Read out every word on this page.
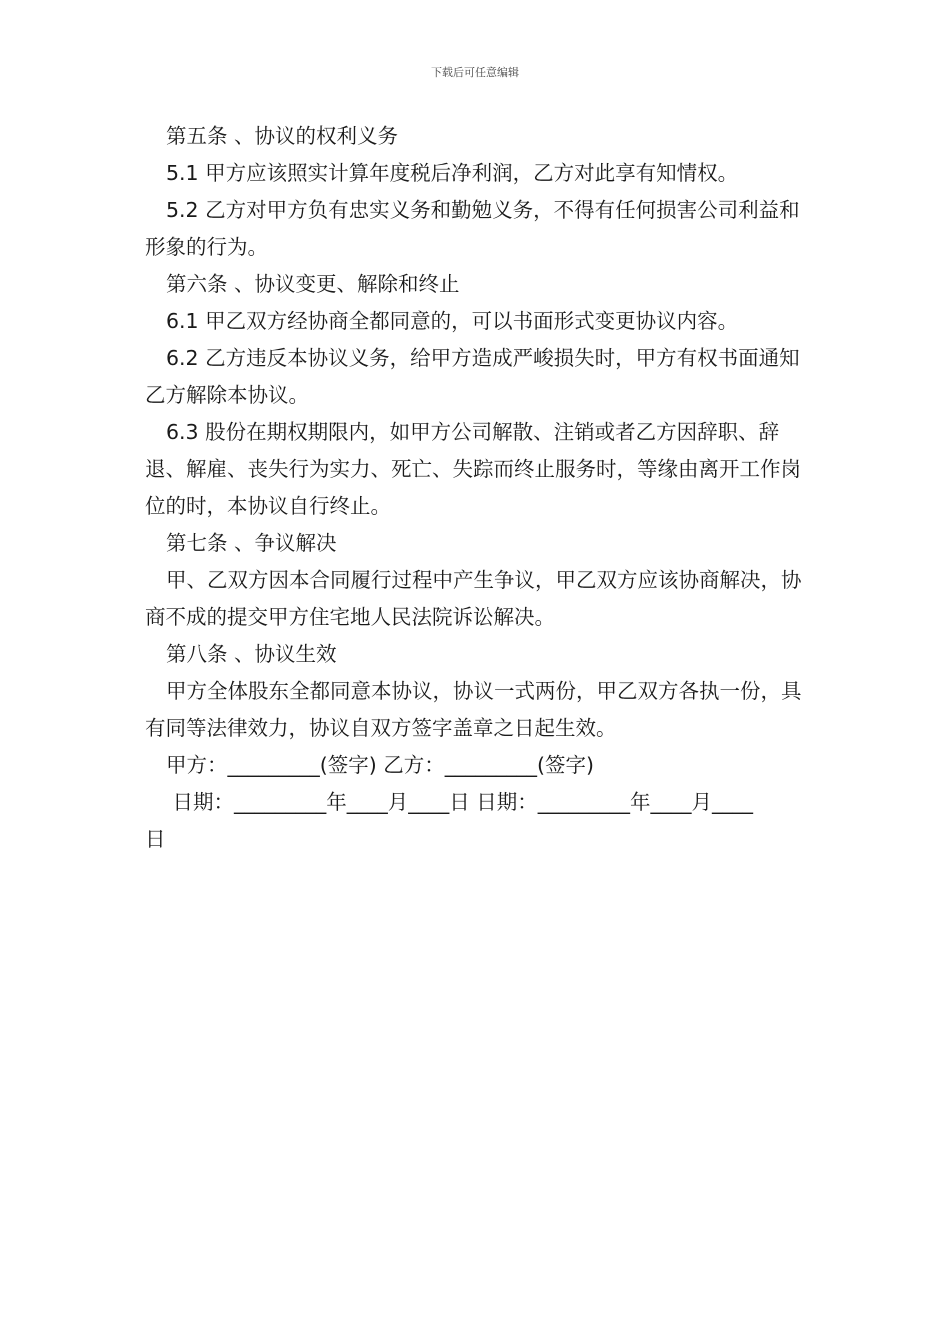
下载后可任意编辑

第五条 、协议的权利义务

5.1 甲方应该照实计算年度税后净利润，乙方对此享有知情权。

5.2 乙方对甲方负有忠实义务和勤勉义务，不得有任何损害公司利益和形象的行为。

第六条 、协议变更、解除和终止

6.1 甲乙双方经协商全都同意的，可以书面形式变更协议内容。

6.2 乙方违反本协议义务，给甲方造成严峻损失时，甲方有权书面通知乙方解除本协议。

6.3 股份在期权期限内，如甲方公司解散、注销或者乙方因辞职、辞退、解雇、丧失行为实力、死亡、失踪而终止服务时，等缘由离开工作岗位的时，本协议自行终止。

第七条 、争议解决

甲、乙双方因本合同履行过程中产生争议，甲乙双方应该协商解决，协商不成的提交甲方住宅地人民法院诉讼解决。

第八条 、协议生效

甲方全体股东全都同意本协议，协议一式两份，甲乙双方各执一份，具有同等法律效力，协议自双方签字盖章之日起生效。

甲方：_________(签字) 乙方：_________(签字)

日期：_________年____月____日 日期：_________年____月____

日
